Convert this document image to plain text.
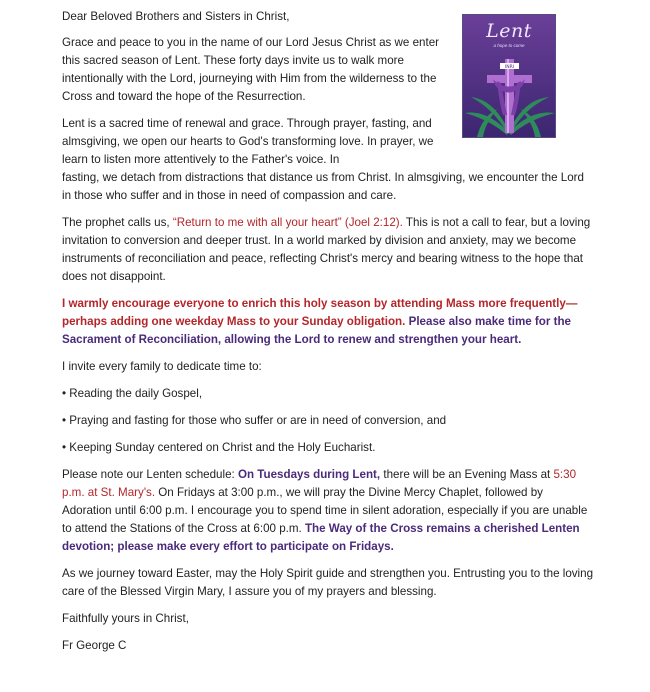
INRI
Lent
a hope to come

Dear Beloved Brothers and Sisters in Christ,

Grace and peace to you in the name of our Lord Jesus Christ as we enter this sacred season of Lent. These forty days invite us to walk more intentionally with the Lord, journeying with Him from the wilderness to the Cross and toward the hope of the Resurrection.

Lent is a sacred time of renewal and grace. Through prayer, fasting, and almsgiving, we open our hearts to God's transforming love. In prayer, we learn to listen more attentively to the Father's voice. In
fasting, we detach from distractions that distance us from Christ. In almsgiving, we encounter the Lord in those who suffer and in those in need of compassion and care.

The prophet calls us, “Return to me with all your heart” (Joel 2:12). This is not a call to fear, but a loving invitation to conversion and deeper trust. In a world marked by division and anxiety, may we become instruments of reconciliation and peace, reflecting Christ's mercy and bearing witness to the hope that does not disappoint.

I warmly encourage everyone to enrich this holy season by attending Mass more frequently—perhaps adding one weekday Mass to your Sunday obligation. Please also make time for the Sacrament of Reconciliation, allowing the Lord to renew and strengthen your heart.

I invite every family to dedicate time to:

• Reading the daily Gospel,

• Praying and fasting for those who suffer or are in need of conversion, and

• Keeping Sunday centered on Christ and the Holy Eucharist.

Please note our Lenten schedule: On Tuesdays during Lent, there will be an Evening Mass at 5:30 p.m. at St. Mary's. On Fridays at 3:00 p.m., we will pray the Divine Mercy Chaplet, followed by Adoration until 6:00 p.m. I encourage you to spend time in silent adoration, especially if you are unable to attend the Stations of the Cross at 6:00 p.m. The Way of the Cross remains a cherished Lenten devotion; please make every effort to participate on Fridays.

As we journey toward Easter, may the Holy Spirit guide and strengthen you. Entrusting you to the loving care of the Blessed Virgin Mary, I assure you of my prayers and blessing.

Faithfully yours in Christ,

Fr George C
